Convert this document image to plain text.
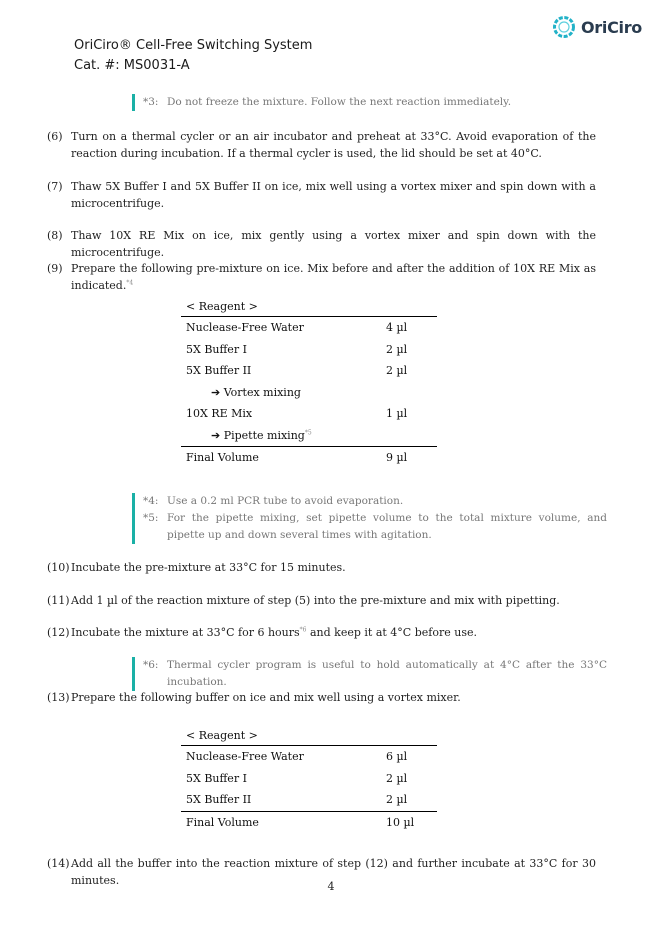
OriCiro® Cell-Free Switching System
Cat. #: MS0031-A
OriCiro
*3: Do not freeze the mixture. Follow the next reaction immediately.
(6) Turn on a thermal cycler or an air incubator and preheat at 33°C. Avoid evaporation of the reaction during incubation. If a thermal cycler is used, the lid should be set at 40°C.
(7) Thaw 5X Buffer I and 5X Buffer II on ice, mix well using a vortex mixer and spin down with a microcentrifuge.
(8) Thaw 10X RE Mix on ice, mix gently using a vortex mixer and spin down with the microcentrifuge.
(9) Prepare the following pre-mixture on ice. Mix before and after the addition of 10X RE Mix as indicated.$^{*4}$
< Reagent >
Nuclease-Free Water	4 µl
5X Buffer I	2 µl
5X Buffer II	2 µl
➔ Vortex mixing
10X RE Mix	1 µl
➔ Pipette mixing$^{*5}$
Final Volume	9 µl
*4: Use a 0.2 ml PCR tube to avoid evaporation.
*5: For the pipette mixing, set pipette volume to the total mixture volume, and pipette up and down several times with agitation.
(10) Incubate the pre-mixture at 33°C for 15 minutes.
(11) Add 1 µl of the reaction mixture of step (5) into the pre-mixture and mix with pipetting.
(12) Incubate the mixture at 33°C for 6 hours$^{*6}$ and keep it at 4°C before use.
*6: Thermal cycler program is useful to hold automatically at 4°C after the 33°C incubation.
(13) Prepare the following buffer on ice and mix well using a vortex mixer.
< Reagent >
Nuclease-Free Water	6 µl
5X Buffer I	2 µl
5X Buffer II	2 µl
Final Volume	10 µl
(14) Add all the buffer into the reaction mixture of step (12) and further incubate at 33°C for 30 minutes.	4
